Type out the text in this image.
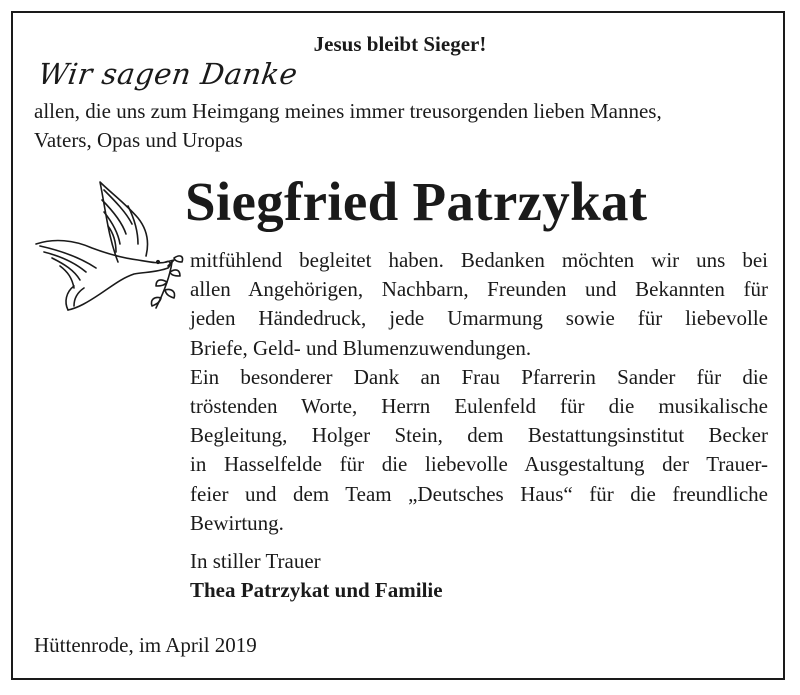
Jesus bleibt Sieger!
Wir sagen Danke

allen, die uns zum Heimgang meines immer treusorgenden lieben Mannes,

Vaters, Opas und Uropas

Siegfried Patrzykat

mitfühlend begleitet haben. Bedanken möchten wir uns bei
allen Angehörigen, Nachbarn, Freunden und Bekannten für
jeden Händedruck, jede Umarmung sowie für liebevolle
Briefe, Geld- und Blumenzuwendungen.

Ein besonderer Dank an Frau Pfarrerin Sander für die
tröstenden Worte, Herrn Eulenfeld für die musikalische
Begleitung, Holger Stein, dem Bestattungsinstitut Becker
in Hasselfelde für die liebevolle Ausgestaltung der Trauer-
feier und dem Team „Deutsches Haus“ für die freundliche
Bewirtung.

In stiller Trauer
Thea Patrzykat und Familie
Hüttenrode, im April 2019
